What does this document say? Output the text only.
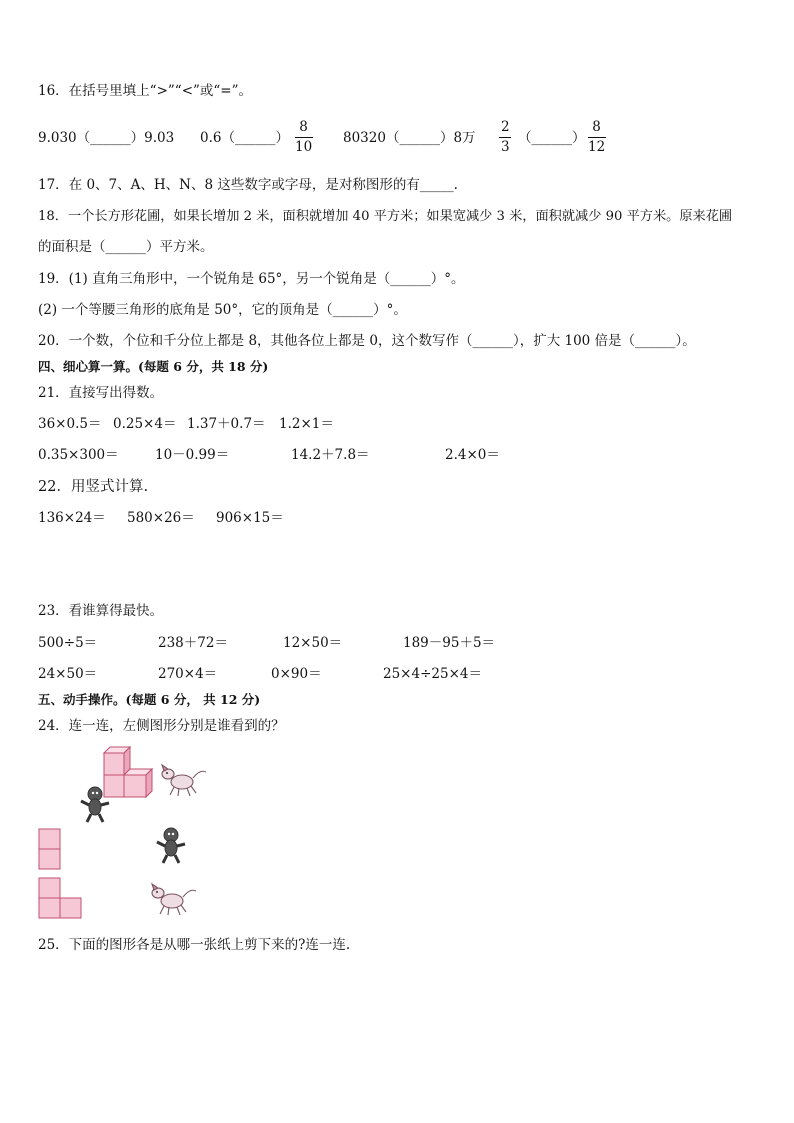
16．在括号里填上“>”“<”或“=”。
9.030（______）9.03 0.6（______）
8
10
80320（______）8万
2
3
（______）
8
12
17．在 0、7、A、H、N、8 这些数字或字母，是对称图形的有_____.
18．一个长方形花圃，如果长增加 2 米，面积就增加 40 平方米；如果宽减少 3 米，面积就减少 90 平方米。原来花圃
的面积是（______）平方米。
19．(1) 直角三角形中，一个锐角是 65°，另一个锐角是（______）°。
(2) 一个等腰三角形的底角是 50°，它的顶角是（______）°。
20．一个数，个位和千分位上都是 8，其他各位上都是 0，这个数写作（______），扩大 100 倍是（______）。
四、细心算一算。(每题 6 分，共 18 分)
21．直接写出得数。
36×0.5＝ 0.25×4＝ 1.37＋0.7＝ 1.2×1＝
0.35×300＝	10－0.99＝	14.2＋7.8＝	2.4×0＝
22．用竖式计算.
136×24＝ 580×26＝ 906×15＝
23．看谁算得最快。
500÷5＝	238＋72＝	12×50＝	189－95＋5＝
24×50＝	270×4＝	0×90＝	25×4÷25×4＝
五、动手操作。(每题 6 分， 共 12 分)
24．连一连，左侧图形分别是谁看到的？
25．下面的图形各是从哪一张纸上剪下来的?连一连.
